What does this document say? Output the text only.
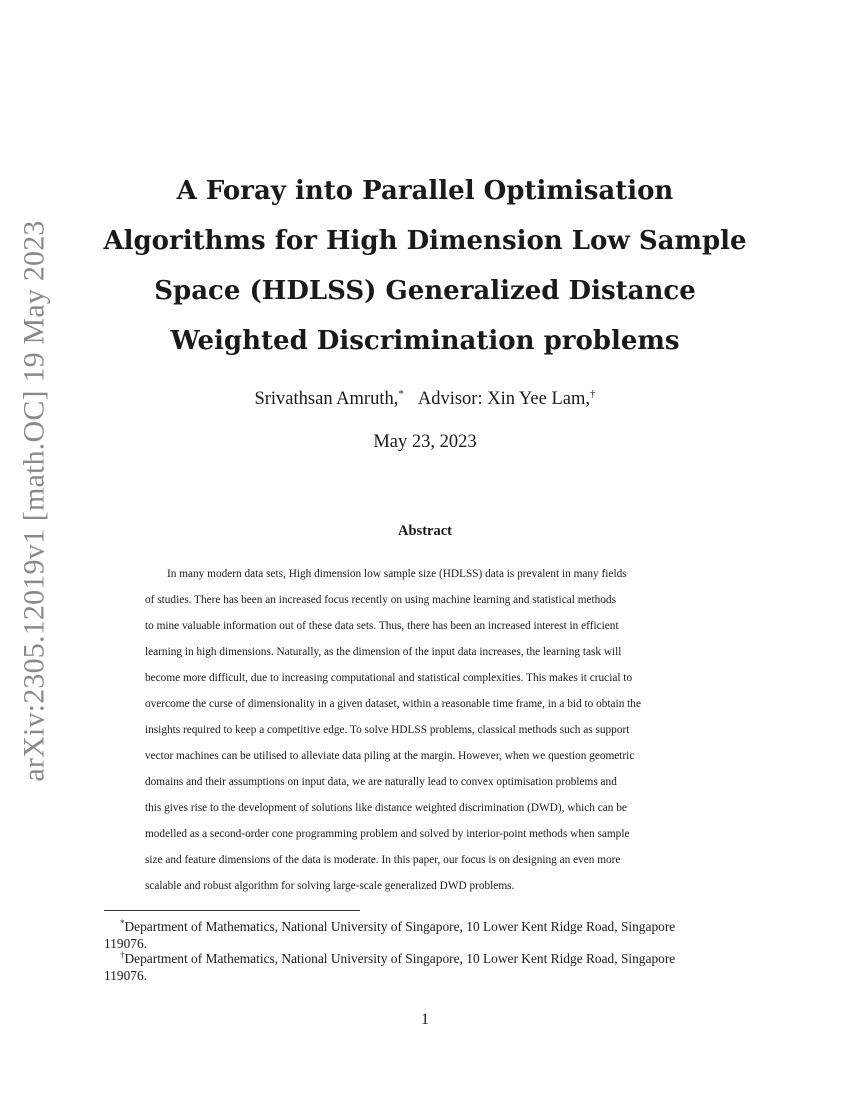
arXiv:2305.12019v1 [math.OC] 19 May 2023
A Foray into Parallel Optimisation
Algorithms for High Dimension Low Sample
Space (HDLSS) Generalized Distance
Weighted Discrimination problems
Srivathsan Amruth,* Advisor: Xin Yee Lam,†
May 23, 2023
Abstract
In many modern data sets, High dimension low sample size (HDLSS) data is prevalent in many fields
of studies. There has been an increased focus recently on using machine learning and statistical methods
to mine valuable information out of these data sets. Thus, there has been an increased interest in efficient
learning in high dimensions. Naturally, as the dimension of the input data increases, the learning task will
become more difficult, due to increasing computational and statistical complexities. This makes it crucial to
overcome the curse of dimensionality in a given dataset, within a reasonable time frame, in a bid to obtain the
insights required to keep a competitive edge. To solve HDLSS problems, classical methods such as support
vector machines can be utilised to alleviate data piling at the margin. However, when we question geometric
domains and their assumptions on input data, we are naturally lead to convex optimisation problems and
this gives rise to the development of solutions like distance weighted discrimination (DWD), which can be
modelled as a second-order cone programming problem and solved by interior-point methods when sample
size and feature dimensions of the data is moderate. In this paper, our focus is on designing an even more
scalable and robust algorithm for solving large-scale generalized DWD problems.
*Department of Mathematics, National University of Singapore, 10 Lower Kent Ridge Road, Singapore
119076.
†Department of Mathematics, National University of Singapore, 10 Lower Kent Ridge Road, Singapore
119076.
1
